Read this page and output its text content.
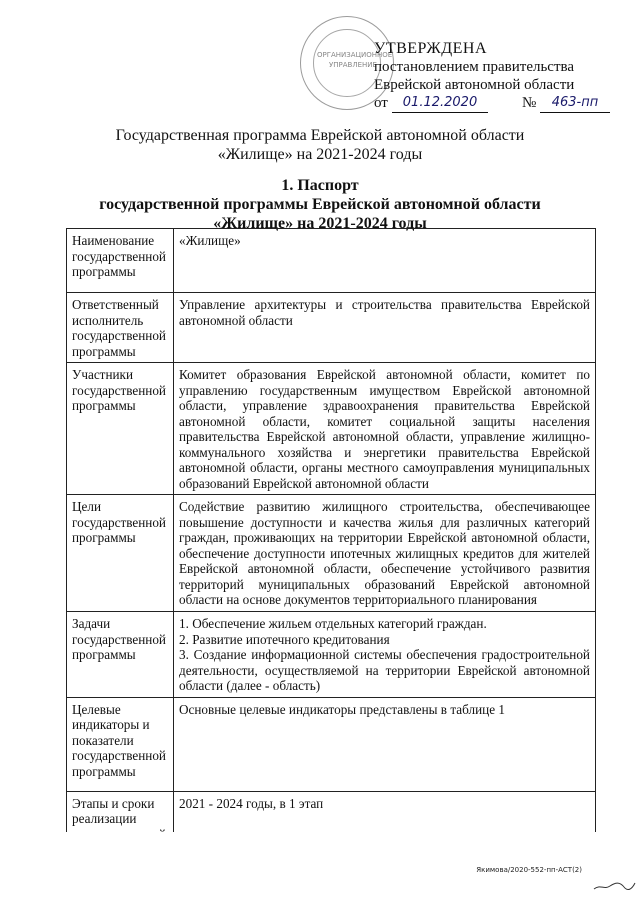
ОРГАНИЗАЦИОННОЕ
УПРАВЛЕНИЕ
УТВЕРЖДЕНА
постановлением правительства
Еврейской автономной области
от	01.12.2020	№	463-пп
Государственная программа Еврейской автономной области
«Жилище» на 2021-2024 годы
1. Паспорт
государственной программы Еврейской автономной области
«Жилище» на 2021-2024 годы
Наименование государственной программы	«Жилище»
Ответственный исполнитель государственной программы	Управление архитектуры и строительства правительства Еврейской автономной области
Участники государственной программы	Комитет образования Еврейской автономной области, комитет по управлению государственным имуществом Еврейской автономной области, управление здравоохранения правительства Еврейской автономной области, комитет социальной защиты населения правительства Еврейской автономной области, управление жилищно-коммунального хозяйства и энергетики правительства Еврейской автономной области, органы местного самоуправления муниципальных образований Еврейской автономной области
Цели государственной программы	Содействие развитию жилищного строительства, обеспечивающее повышение доступности и качества жилья для различных категорий граждан, проживающих на территории Еврейской автономной области, обеспечение доступности ипотечных жилищных кредитов для жителей Еврейской автономной области, обеспечение устойчивого развития территорий муниципальных образований Еврейской автономной области на основе документов территориального планирования
Задачи государственной программы	1. Обеспечение жильем отдельных категорий граждан.
2. Развитие ипотечного кредитования
3. Создание информационной системы обеспечения градостроительной деятельности, осуществляемой на территории Еврейской автономной области (далее - область)

Целевые индикаторы и показатели государственной программы	Основные целевые индикаторы представлены в таблице 1
Этапы и сроки реализации	2021 - 2024 годы, в 1 этап
Якимова/2020-552-пп-АСТ(2)
